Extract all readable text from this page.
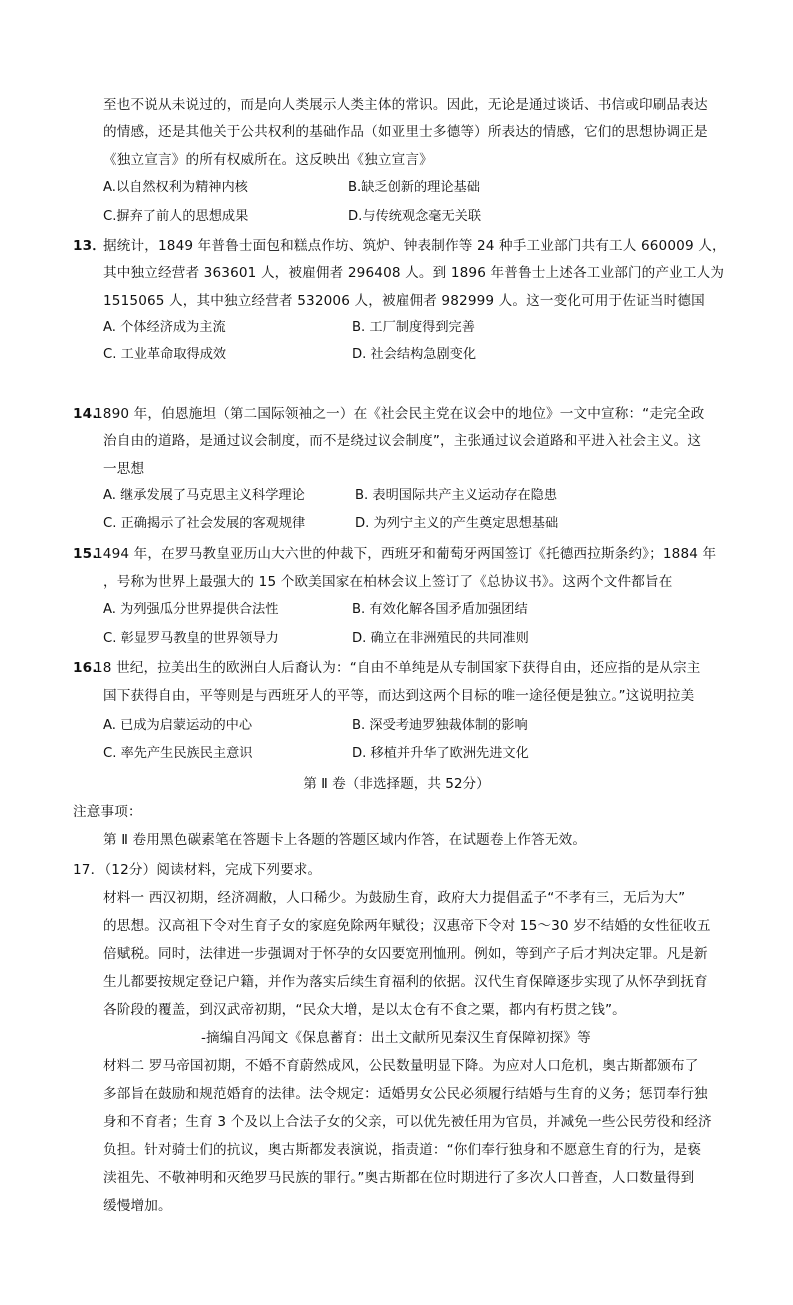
至也不说从未说过的，而是向人类展示人类主体的常识。因此，无论是通过谈话、书信或印刷品表达
的情感，还是其他关于公共权利的基础作品（如亚里士多德等）所表达的情感，它们的思想协调正是
《独立宣言》的所有权威所在。这反映出《独立宣言》
A.以自然权利为精神内核	B.缺乏创新的理论基础
C.摒弃了前人的思想成果	D.与传统观念毫无关联
13．
据统计，1849 年普鲁士面包和糕点作坊、筑炉、钟表制作等 24 种手工业部门共有工人 660009 人，
其中独立经营者 363601 人，被雇佣者 296408 人。到 1896 年普鲁士上述各工业部门的产业工人为
1515065 人，其中独立经营者 532006 人，被雇佣者 982999 人。这一变化可用于佐证当时德国
A. 个体经济成为主流	B. 工厂制度得到完善
C. 工业革命取得成效	D. 社会结构急剧变化
14.
1890 年，伯恩施坦（第二国际领袖之一）在《社会民主党在议会中的地位》一文中宣称：“走完全政
治自由的道路，是通过议会制度，而不是绕过议会制度”，主张通过议会道路和平进入社会主义。这
一思想
A. 继承发展了马克思主义科学理论	B. 表明国际共产主义运动存在隐患
C. 正确揭示了社会发展的客观规律	D. 为列宁主义的产生奠定思想基础
15.
1494 年，在罗马教皇亚历山大六世的仲裁下，西班牙和葡萄牙两国签订《托德西拉斯条约》；1884 年
，号称为世界上最强大的 15 个欧美国家在柏林会议上签订了《总协议书》。这两个文件都旨在
A. 为列强瓜分世界提供合法性	B. 有效化解各国矛盾加强团结
C. 彰显罗马教皇的世界领导力	D. 确立在非洲殖民的共同准则
16.
18 世纪，拉美出生的欧洲白人后裔认为：“自由不单纯是从专制国家下获得自由，还应指的是从宗主
国下获得自由，平等则是与西班牙人的平等，而达到这两个目标的唯一途径便是独立。”这说明拉美
A. 已成为启蒙运动的中心	B. 深受考迪罗独裁体制的影响
C. 率先产生民族民主意识	D. 移植并升华了欧洲先进文化
第 Ⅱ 卷（非选择题，共 52分）
注意事项：
第 Ⅱ 卷用黑色碳素笔在答题卡上各题的答题区域内作答，在试题卷上作答无效。
17．（12分）阅读材料，完成下列要求。
材料一 西汉初期，经济凋敝，人口稀少。为鼓励生育，政府大力提倡孟子“不孝有三，无后为大”
的思想。汉高祖下令对生育子女的家庭免除两年赋役；汉惠帝下令对 15～30 岁不结婚的女性征收五
倍赋税。同时，法律进一步强调对于怀孕的女囚要宽刑恤刑。例如，等到产子后才判决定罪。凡是新
生儿都要按规定登记户籍，并作为落实后续生育福利的依据。汉代生育保障逐步实现了从怀孕到抚育
各阶段的覆盖，到汉武帝初期，“民众大增，是以太仓有不食之粟，都内有朽贯之钱”。
-摘编自冯闻文《保息蓄育：出土文献所见秦汉生育保障初探》等
材料二 罗马帝国初期，不婚不育蔚然成风，公民数量明显下降。为应对人口危机，奥古斯都颁布了
多部旨在鼓励和规范婚育的法律。法令规定：适婚男女公民必须履行结婚与生育的义务；惩罚奉行独
身和不育者；生育 3 个及以上合法子女的父亲，可以优先被任用为官员，并减免一些公民劳役和经济
负担。针对骑士们的抗议，奥古斯都发表演说，指责道：“你们奉行独身和不愿意生育的行为，是亵
渎祖先、不敬神明和灭绝罗马民族的罪行。”奥古斯都在位时期进行了多次人口普查，人口数量得到
缓慢增加。
